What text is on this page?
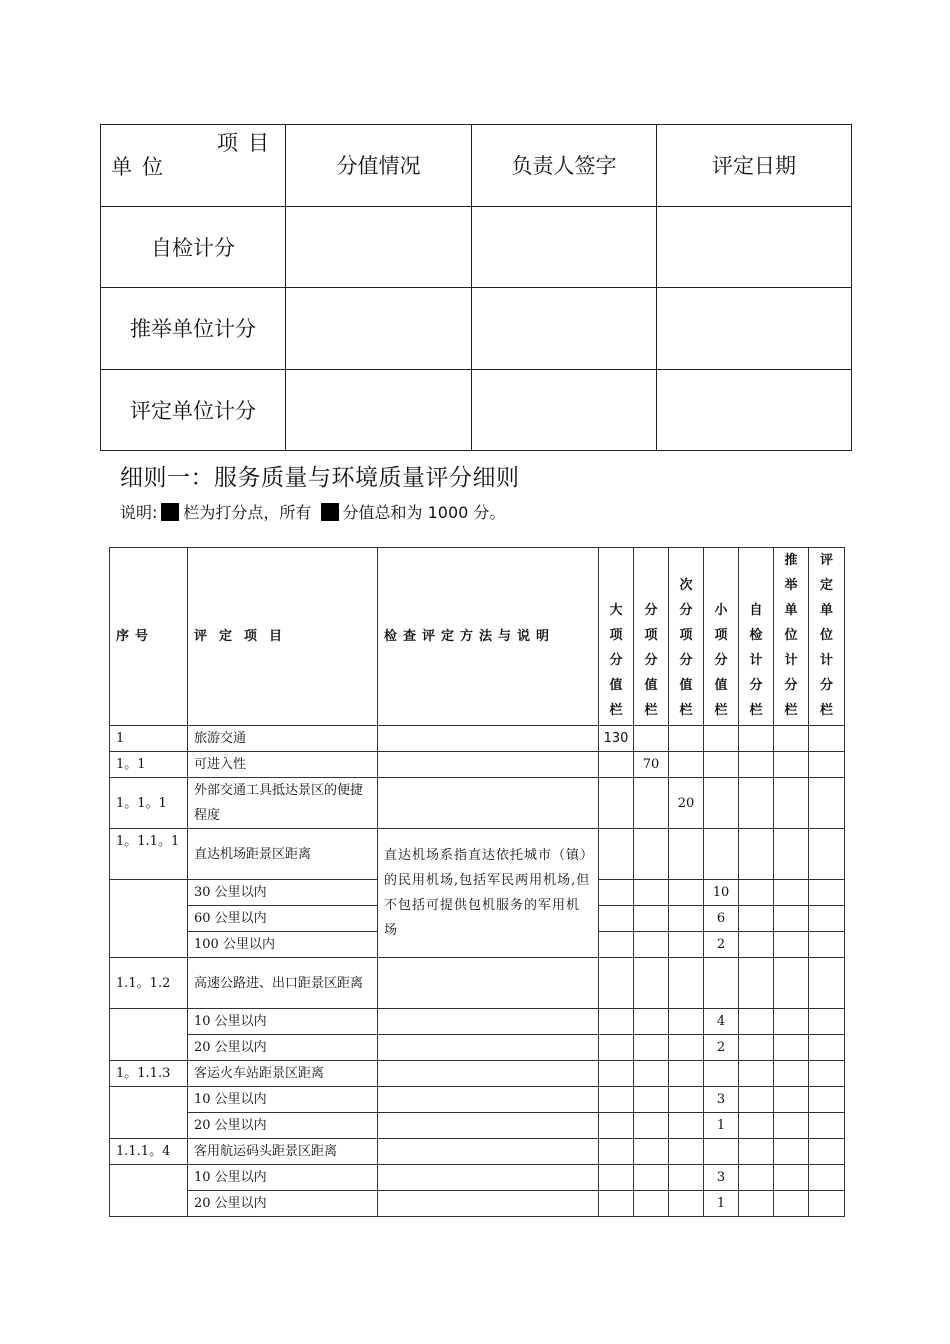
项目
单位	分值情况	负责人签字	评定日期
自检计分			
推举单位计分			
评定单位计分			
细则一：服务质量与环境质量评分细则
说明: 栏为打分点，所有 分值总和为 1000 分。
序号	评定项目	检查评定方法与说明	大项分值栏	分项分值栏	次分项分值栏	小项分值栏	自检计分栏	推举单位计分栏	评定单位计分栏
1	旅游交通		130						
1。1	可进入性			70					
1。1。1	外部交通工具抵达景区的便捷程度				20				
1。1.1。1	直达机场距景区距离	直达机场系指直达依托城市（镇）的民用机场,包括军民两用机场,但不包括可提供包机服务的军用机场							
	30 公里以内					10			
	60 公里以内					6			
	100 公里以内					2			
1.1。1.2	高速公路进、出口距景区距离								
	10 公里以内					4			
	20 公里以内					2			
1。1.1.3	客运火车站距景区距离								
	10 公里以内					3			
	20 公里以内					1			
1.1.1。4	客用航运码头距景区距离								
	10 公里以内					3			
	20 公里以内					1			
